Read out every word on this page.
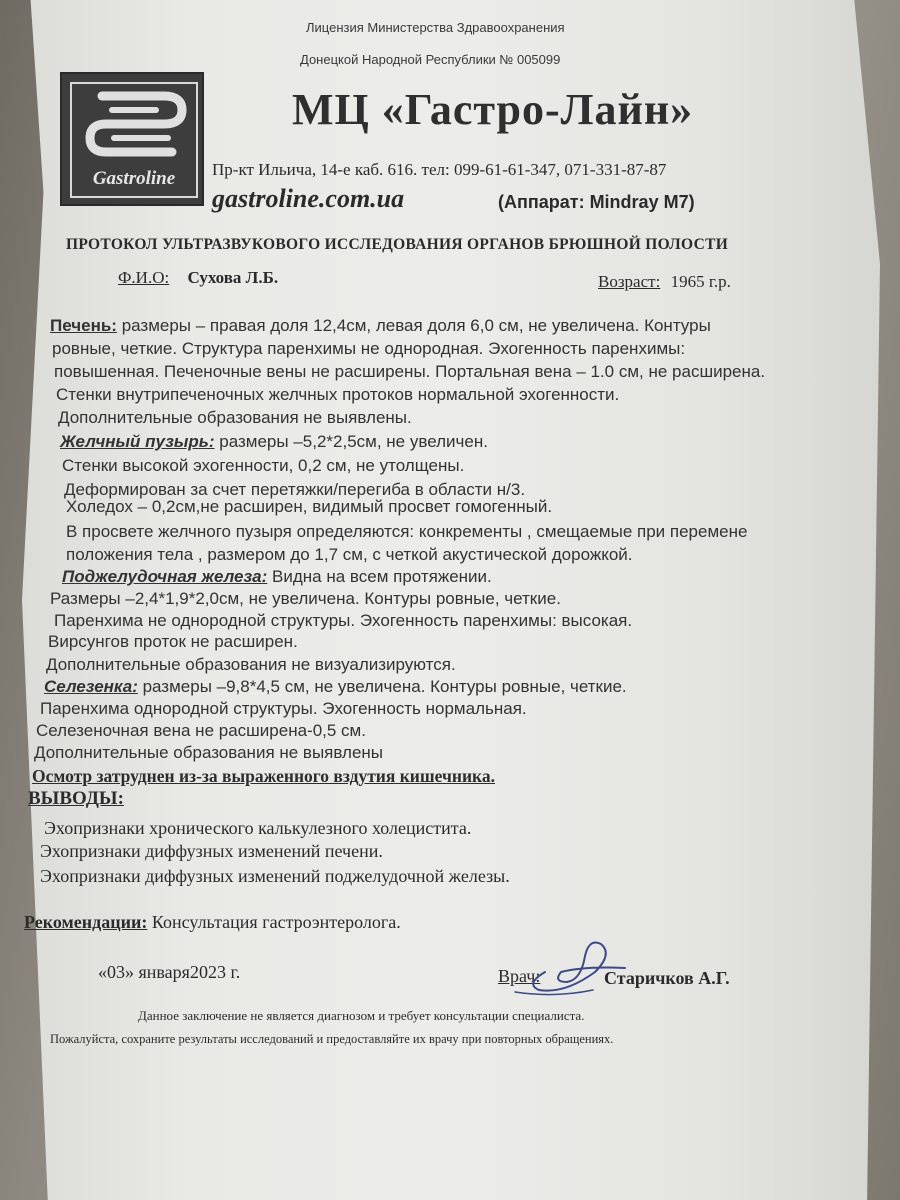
Лицензия Министерства Здравоохранения
Донецкой Народной Республики № 005099
Gastroline
МЦ «Гастро-Лайн»
Пр-кт Ильича, 14-е каб. 616. тел: 099-61-61-347, 071-331-87-87
gastroline.com.ua	(Аппарат: Mindray M7)
ПРОТОКОЛ УЛЬТРАЗВУКОВОГО ИССЛЕДОВАНИЯ ОРГАНОВ БРЮШНОЙ ПОЛОСТИ
Ф.И.О: Сухова Л.Б.	Возраст: 1965 г.р.
Печень: размеры – правая доля 12,4см, левая доля 6,0 см, не увеличена. Контуры
ровные, четкие. Структура паренхимы не однородная. Эхогенность паренхимы:
повышенная. Печеночные вены не расширены. Портальная вена – 1.0 см, не расширена.
Стенки внутрипеченочных желчных протоков нормальной эхогенности.
Дополнительные образования не выявлены.
Желчный пузырь: размеры –5,2*2,5см, не увеличен.
Стенки высокой эхогенности, 0,2 см, не утолщены.
Деформирован за счет перетяжки/перегиба в области н/3.
Холедох – 0,2см,не расширен, видимый просвет гомогенный.
В просвете желчного пузыря определяются: конкременты , смещаемые при перемене
положения тела , размером до 1,7 см, с четкой акустической дорожкой.
Поджелудочная железа: Видна на всем протяжении.
Размеры –2,4*1,9*2,0см, не увеличена. Контуры ровные, четкие.
Паренхима не однородной структуры. Эхогенность паренхимы: высокая.
Вирсунгов проток не расширен.
Дополнительные образования не визуализируются.
Селезенка: размеры –9,8*4,5 см, не увеличена. Контуры ровные, четкие.
Паренхима однородной структуры. Эхогенность нормальная.
Селезеночная вена не расширена-0,5 см.
Дополнительные образования не выявлены
Осмотр затруднен из-за выраженного вздутия кишечника.
ВЫВОДЫ:
Эхопризнаки хронического калькулезного холецистита.
Эхопризнаки диффузных изменений печени.
Эхопризнаки диффузных изменений поджелудочной железы.
Рекомендации: Консультация гастроэнтеролога.
«03» января2023 г.	Врач:	Старичков А.Г.
Данное заключение не является диагнозом и требует консультации специалиста.
Пожалуйста, сохраните результаты исследований и предоставляйте их врачу при повторных обращениях.
